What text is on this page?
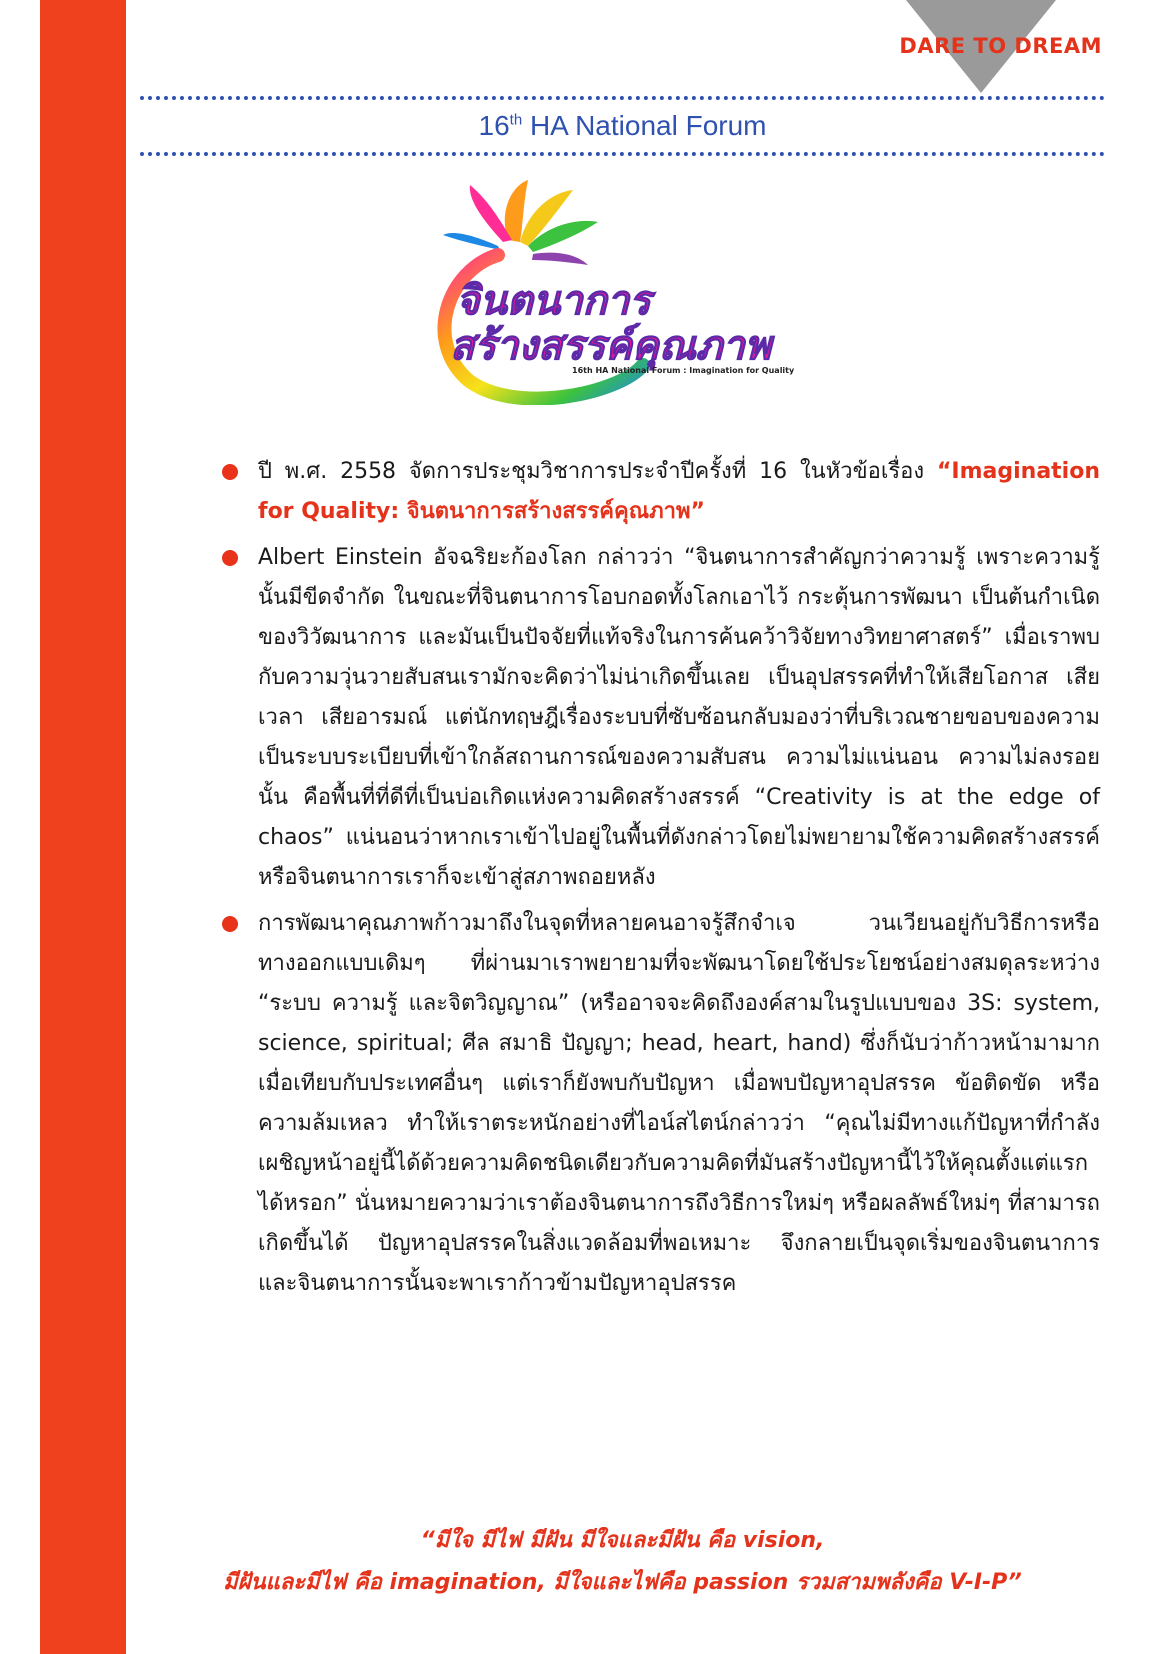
DARE TO DREAM
16th HA National Forum
จินตนาการ
สร้างสรรค์คุณภาพ
16th HA National Forum : Imagination for Quality

ปี พ.ศ. 2558 จัดการประชุมวิชาการประจำปีครั้งที่ 16 ในหัวข้อเรื่อง “Imagination for Quality: จินตนาการสร้างสรรค์คุณภาพ”

Albert Einstein อัจฉริยะก้องโลก กล่าวว่า “จินตนาการสำคัญกว่าความรู้ เพราะความรู้นั้นมีขีดจำกัด ในขณะที่จินตนาการโอบกอดทั้งโลกเอาไว้ กระตุ้นการพัฒนา เป็นต้นกำเนิดของวิวัฒนาการ และมันเป็นปัจจัยที่แท้จริงในการค้นคว้าวิจัยทางวิทยาศาสตร์” เมื่อเราพบกับความวุ่นวายสับสนเรามักจะคิดว่าไม่น่าเกิดขึ้นเลย เป็นอุปสรรคที่ทำให้เสียโอกาส เสียเวลา เสียอารมณ์ แต่นักทฤษฎีเรื่องระบบที่ซับซ้อนกลับมองว่าที่บริเวณชายขอบของความเป็นระบบระเบียบที่เข้าใกล้สถานการณ์ของความสับสน ความไม่แน่นอน ความไม่ลงรอยนั้น คือพื้นที่ที่ดีที่เป็นบ่อเกิดแห่งความคิดสร้างสรรค์ “Creativity is at the edge of chaos” แน่นอนว่าหากเราเข้าไปอยู่ในพื้นที่ดังกล่าวโดยไม่พยายามใช้ความคิดสร้างสรรค์หรือจินตนาการเราก็จะเข้าสู่สภาพถอยหลัง

การพัฒนาคุณภาพก้าวมาถึงในจุดที่หลายคนอาจรู้สึกจำเจ วนเวียนอยู่กับวิธีการหรือทางออกแบบเดิมๆ ที่ผ่านมาเราพยายามที่จะพัฒนาโดยใช้ประโยชน์อย่างสมดุลระหว่าง “ระบบ ความรู้ และจิตวิญญาณ” (หรืออาจจะคิดถึงองค์สามในรูปแบบของ 3S: system, science, spiritual; ศีล สมาธิ ปัญญา; head, heart, hand) ซึ่งก็นับว่าก้าวหน้ามามากเมื่อเทียบกับประเทศอื่นๆ แต่เราก็ยังพบกับปัญหา เมื่อพบปัญหาอุปสรรค ข้อติดขัด หรือความล้มเหลว ทำให้เราตระหนักอย่างที่ไอน์สไตน์กล่าวว่า “คุณไม่มีทางแก้ปัญหาที่กำลังเผชิญหน้าอยู่นี้ได้ด้วยความคิดชนิดเดียวกับความคิดที่มันสร้างปัญหานี้ไว้ให้คุณตั้งแต่แรกได้หรอก” นั่นหมายความว่าเราต้องจินตนาการถึงวิธีการใหม่ๆ หรือผลลัพธ์ใหม่ๆ ที่สามารถเกิดขึ้นได้ ปัญหาอุปสรรคในสิ่งแวดล้อมที่พอเหมาะ จึงกลายเป็นจุดเริ่มของจินตนาการ และจินตนาการนั้นจะพาเราก้าวข้ามปัญหาอุปสรรค

“มีใจ มีไฟ มีฝัน มีใจและมีฝัน คือ vision,
มีฝันและมีไฟ คือ imagination, มีใจและไฟคือ passion รวมสามพลังคือ V-I-P”
